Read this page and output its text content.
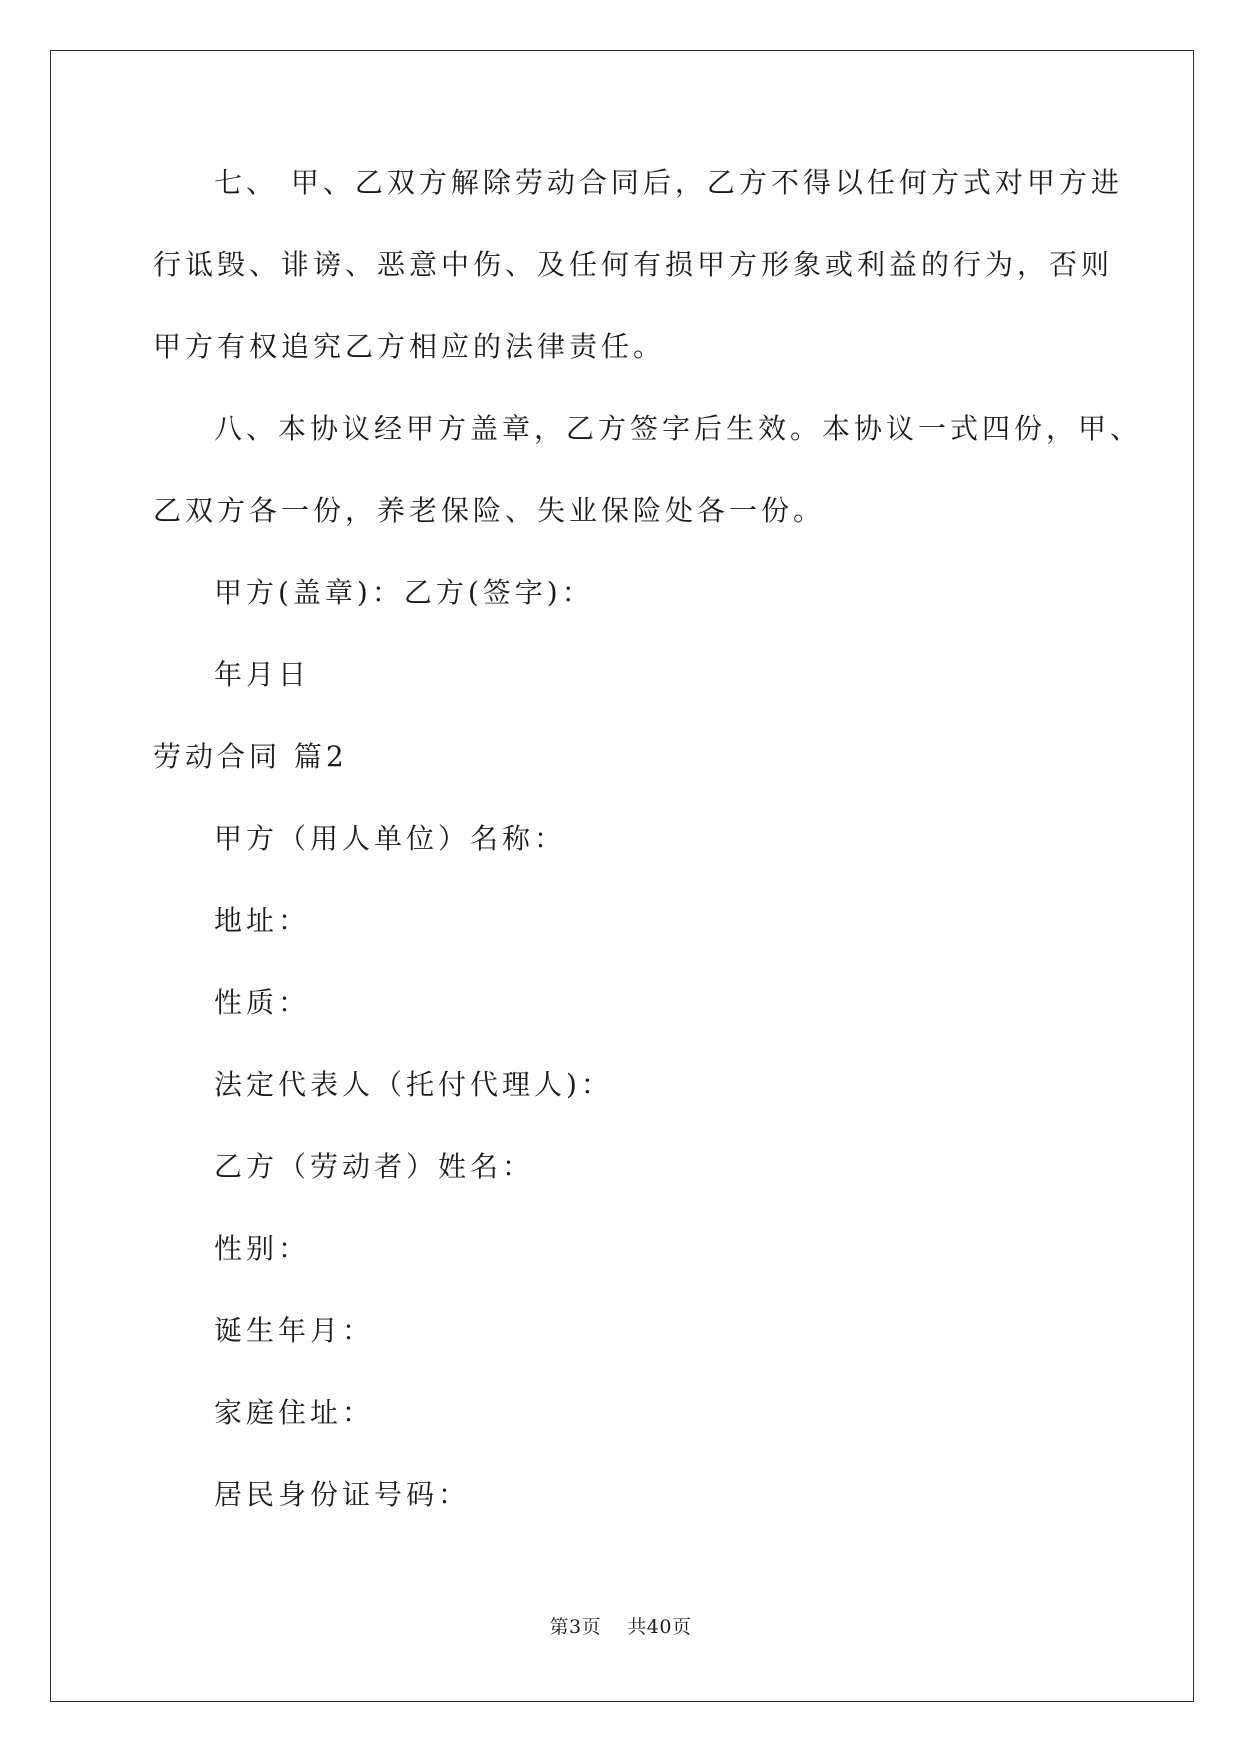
七、 甲、乙双方解除劳动合同后，乙方不得以任何方式对甲方进
行诋毁、诽谤、恶意中伤、及任何有损甲方形象或利益的行为，否则
甲方有权追究乙方相应的法律责任。
八、本协议经甲方盖章，乙方签字后生效。本协议一式四份，甲、
乙双方各一份，养老保险、失业保险处各一份。
甲方(盖章)：乙方(签字)：
年月日
劳动合同 篇2
甲方（用人单位）名称：
地址：
性质：
法定代表人（托付代理人)：
乙方（劳动者）姓名：
性别：
诞生年月：
家庭住址：
居民身份证号码：
第3页 共40页
